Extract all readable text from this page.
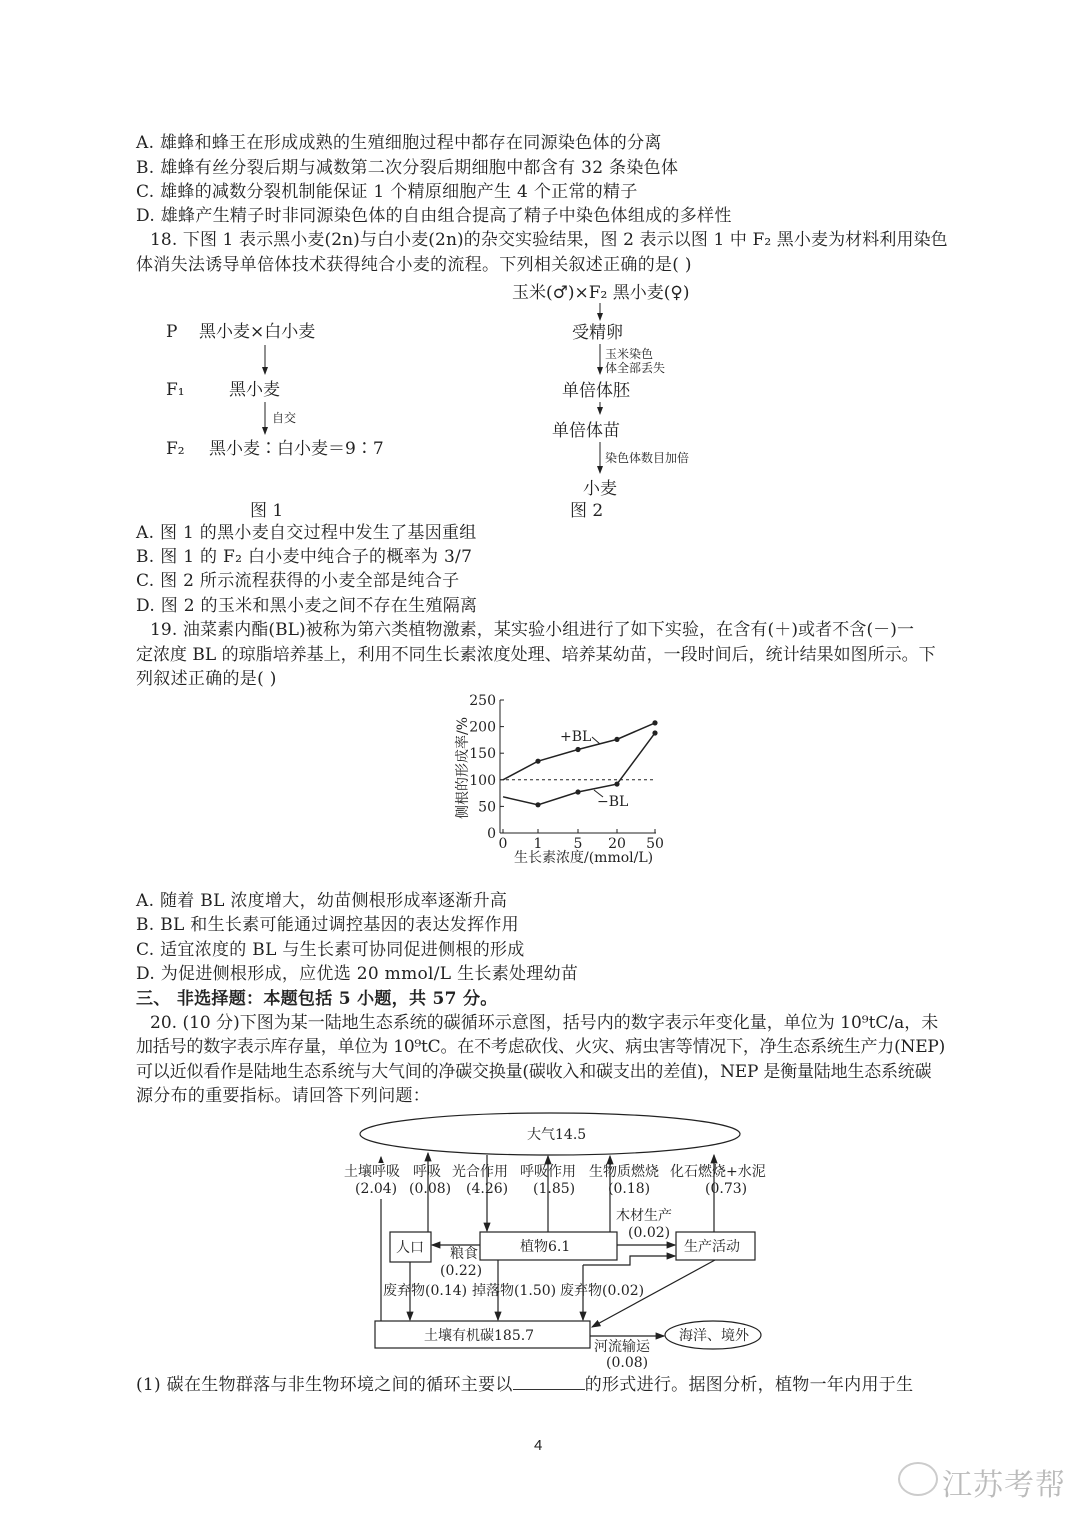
A. 雄蜂和蜂王在形成成熟的生殖细胞过程中都存在同源染色体的分离
B. 雄蜂有丝分裂后期与减数第二次分裂后期细胞中都含有 32 条染色体
C. 雄蜂的减数分裂机制能保证 1 个精原细胞产生 4 个正常的精子
D. 雄蜂产生精子时非同源染色体的自由组合提高了精子中染色体组成的多样性
18. 下图 1 表示黑小麦(2n)与白小麦(2n)的杂交实验结果，图 2 表示以图 1 中 F₂ 黑小麦为材料利用染色
体消失法诱导单倍体技术获得纯合小麦的流程。下列相关叙述正确的是( )
P 黑小麦×白小麦
F₁	黑小麦
自交
F₂ 黑小麦∶白小麦＝9∶7
图 1
玉米(♂)×F₂ 黑小麦(♀)
受精卵
玉米染色
体全部丢失
单倍体胚
单倍体苗
染色体数目加倍
小麦
图 2
A. 图 1 的黑小麦自交过程中发生了基因重组
B. 图 1 的 F₂ 白小麦中纯合子的概率为 3/7
C. 图 2 所示流程获得的小麦全部是纯合子
D. 图 2 的玉米和黑小麦之间不存在生殖隔离
19. 油菜素内酯(BL)被称为第六类植物激素，某实验小组进行了如下实验，在含有(＋)或者不含(－)一
定浓度 BL 的琼脂培养基上，利用不同生长素浓度处理、培养某幼苗，一段时间后，统计结果如图所示。下
列叙述正确的是( )
0
50
100
150
200
250
0 1 5 20 50
+BL
−BL
生长素浓度/(mmol/L)
侧根的形成率/%
A. 随着 BL 浓度增大，幼苗侧根形成率逐渐升高
B. BL 和生长素可能通过调控基因的表达发挥作用
C. 适宜浓度的 BL 与生长素可协同促进侧根的形成
D. 为促进侧根形成，应优选 20 mmol/L 生长素处理幼苗
三、 非选择题：本题包括 5 小题，共 57 分。
20. (10 分)下图为某一陆地生态系统的碳循环示意图，括号内的数字表示年变化量，单位为 10⁹tC/a，未
加括号的数字表示库存量，单位为 10⁹tC。在不考虑砍伐、火灾、病虫害等情况下，净生态系统生产力(NEP)
可以近似看作是陆地生态系统与大气间的净碳交换量(碳收入和碳支出的差值)，NEP 是衡量陆地生态系统碳
源分布的重要指标。请回答下列问题：
大气14.5
土壤呼吸
(2.04)
呼吸
(0.08)
光合作用
(4.26)
呼吸作用
(1.85)
生物质燃烧
(0.18)
化石燃烧+水泥
(0.73)
木材生产
(0.02)
人口	植物6.1	生产活动
粮食
(0.22)
废弃物(0.14) 掉落物(1.50) 废弃物(0.02)
土壤有机碳185.7	海洋、境外
河流输运
(0.08)
(1) 碳在生物群落与非生物环境之间的循环主要以	的形式进行。据图分析，植物一年内用于生
4
江苏考帮
